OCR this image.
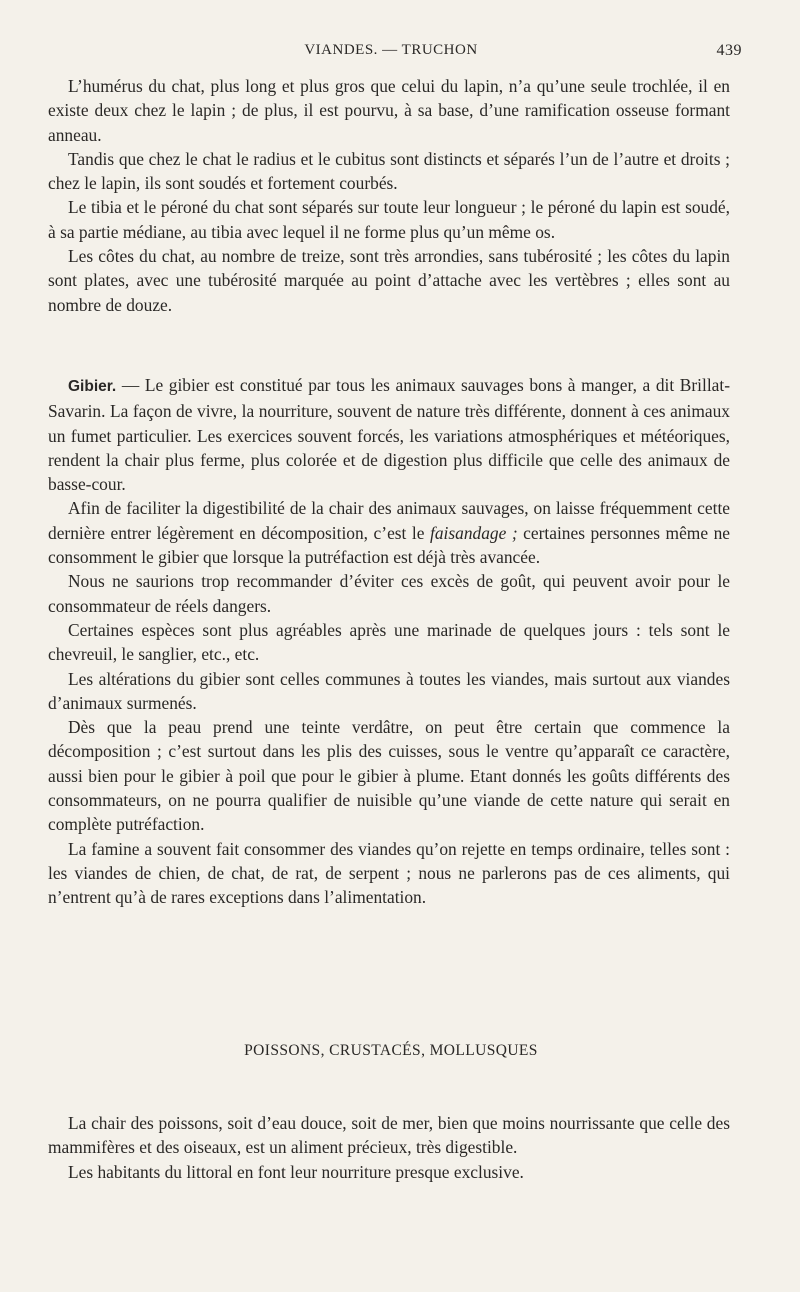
VIANDES. — TRUCHON	439

L’humérus du chat, plus long et plus gros que celui du lapin, n’a qu’une seule trochlée, il en existe deux chez le lapin ; de plus, il est pourvu, à sa base, d’une ramification osseuse formant anneau.

Tandis que chez le chat le radius et le cubitus sont distincts et séparés l’un de l’autre et droits ; chez le lapin, ils sont soudés et fortement courbés.

Le tibia et le péroné du chat sont séparés sur toute leur longueur ; le péroné du lapin est soudé, à sa partie médiane, au tibia avec lequel il ne forme plus qu’un même os.

Les côtes du chat, au nombre de treize, sont très arrondies, sans tubérosité ; les côtes du lapin sont plates, avec une tubérosité marquée au point d’attache avec les vertèbres ; elles sont au nombre de douze.

Gibier. — Le gibier est constitué par tous les animaux sauvages bons à manger, a dit Brillat-Savarin. La façon de vivre, la nourriture, souvent de nature très différente, donnent à ces animaux un fumet particulier. Les exercices souvent forcés, les variations atmosphériques et météoriques, rendent la chair plus ferme, plus colorée et de digestion plus difficile que celle des animaux de basse-cour.

Afin de faciliter la digestibilité de la chair des animaux sauvages, on laisse fréquemment cette dernière entrer légèrement en décomposition, c’est le faisandage ; certaines personnes même ne consomment le gibier que lorsque la putréfaction est déjà très avancée.

Nous ne saurions trop recommander d’éviter ces excès de goût, qui peuvent avoir pour le consommateur de réels dangers.

Certaines espèces sont plus agréables après une marinade de quelques jours : tels sont le chevreuil, le sanglier, etc., etc.

Les altérations du gibier sont celles communes à toutes les viandes, mais surtout aux viandes d’animaux surmenés.

Dès que la peau prend une teinte verdâtre, on peut être certain que commence la décomposition ; c’est surtout dans les plis des cuisses, sous le ventre qu’apparaît ce caractère, aussi bien pour le gibier à poil que pour le gibier à plume. Etant donnés les goûts différents des consommateurs, on ne pourra qualifier de nuisible qu’une viande de cette nature qui serait en complète putréfaction.

La famine a souvent fait consommer des viandes qu’on rejette en temps ordinaire, telles sont : les viandes de chien, de chat, de rat, de serpent ; nous ne parlerons pas de ces aliments, qui n’entrent qu’à de rares exceptions dans l’alimentation.

POISSONS, CRUSTACÉS, MOLLUSQUES

La chair des poissons, soit d’eau douce, soit de mer, bien que moins nourrissante que celle des mammifères et des oiseaux, est un aliment précieux, très digestible.

Les habitants du littoral en font leur nourriture presque exclusive.
